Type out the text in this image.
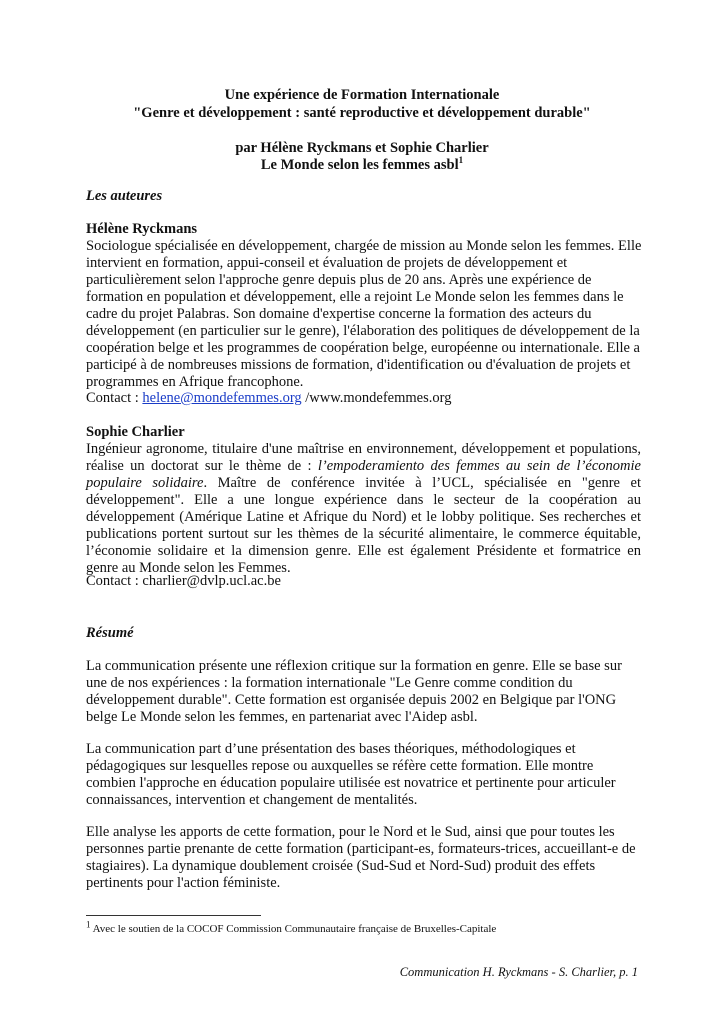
Une expérience de Formation Internationale
"Genre et développement : santé reproductive et développement durable"
par Hélène Ryckmans et Sophie Charlier
Le Monde selon les femmes asbl$^1$
Les auteures
Hélène Ryckmans
Sociologue spécialisée en développement, chargée de mission au Monde selon les femmes. Elle intervient en formation, appui-conseil et évaluation de projets de développement et particulièrement selon l'approche genre depuis plus de 20 ans. Après une expérience de formation en population et développement, elle a rejoint Le Monde selon les femmes dans le cadre du projet Palabras. Son domaine d'expertise concerne la formation des acteurs du développement (en particulier sur le genre), l'élaboration des politiques de développement de la coopération belge et les programmes de coopération belge, européenne ou internationale. Elle a participé à de nombreuses missions de formation, d'identification ou d'évaluation de projets et programmes en Afrique francophone.
Contact : helene@mondefemmes.org /www.mondefemmes.org
Sophie Charlier
Ingénieur agronome, titulaire d'une maîtrise en environnement, développement et populations, réalise un doctorat sur le thème de : l’empoderamiento des femmes au sein de l’économie populaire solidaire. Maître de conférence invitée à l’UCL, spécialisée en "genre et développement". Elle a une longue expérience dans le secteur de la coopération au développement (Amérique Latine et Afrique du Nord) et le lobby politique. Ses recherches et publications portent surtout sur les thèmes de la sécurité alimentaire, le commerce équitable, l’économie solidaire et la dimension genre. Elle est également Présidente et formatrice en genre au Monde selon les Femmes.
Contact : charlier@dvlp.ucl.ac.be
Résumé
La communication présente une réflexion critique sur la formation en genre. Elle se base sur une de nos expériences : la formation internationale "Le Genre comme condition du développement durable". Cette formation est organisée depuis 2002 en Belgique par l'ONG belge Le Monde selon les femmes, en partenariat avec l'Aidep asbl.
La communication part d’une présentation des bases théoriques, méthodologiques et pédagogiques sur lesquelles repose ou auxquelles se réfère cette formation. Elle montre combien l'approche en éducation populaire utilisée est novatrice et pertinente pour articuler connaissances, intervention et changement de mentalités.
Elle analyse les apports de cette formation, pour le Nord et le Sud, ainsi que pour toutes les personnes partie prenante de cette formation (participant-es, formateurs-trices, accueillant-e de stagiaires). La dynamique doublement croisée (Sud-Sud et Nord-Sud) produit des effets pertinents pour l'action féministe.
$^1$ Avec le soutien de la COCOF Commission Communautaire française de Bruxelles-Capitale
Communication H. Ryckmans - S. Charlier, p. 1
